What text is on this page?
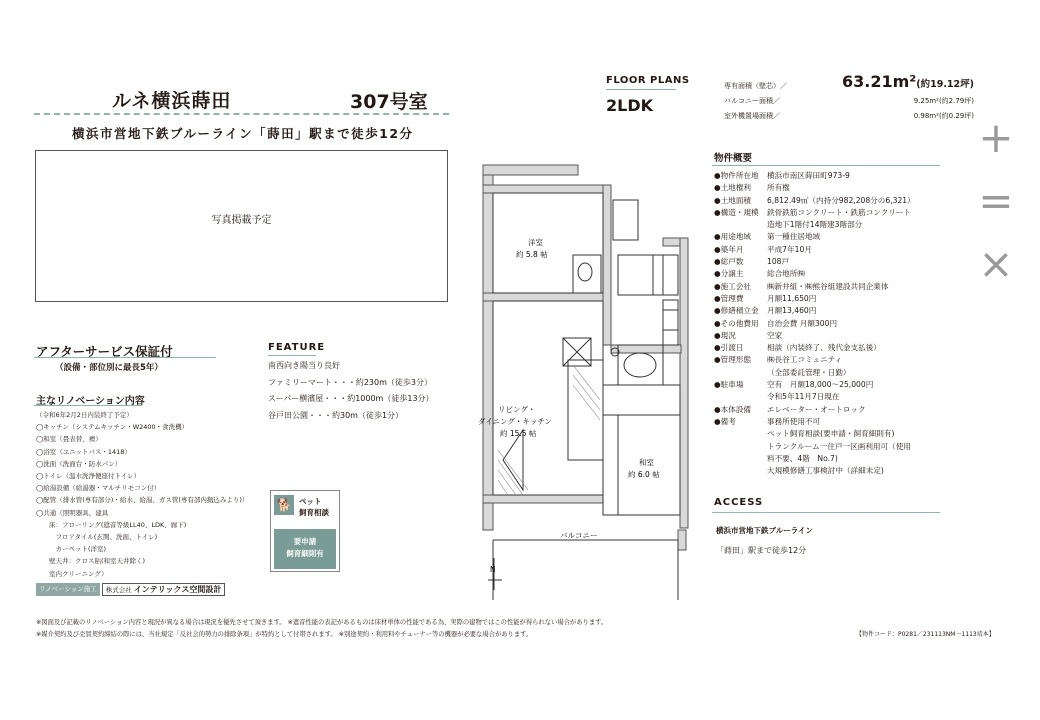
ルネ横浜蒔田	307号室
横浜市営地下鉄ブルーライン「蒔田」駅まで徒歩12分
写真掲載予定
アフターサービス保証付
（設備・部位別に最長5年）
主なリノベーション内容
（令和6年2月2日内装終了予定）
◯キッチン（システムキッチン・W2400・食洗機）
◯和室（畳表替、襖）
◯浴室（ユニットバス・1418）
◯洗面（洗面台・防水パン）
◯トイレ（温水洗浄便座付トイレ）
◯給湯設備（給湯器・マルチリモコン付）
◯配管（排水管(専有部分)・給水、給湯、ガス管(専有部内拠込みより)）
◯共通（照明器具、建具
　　床：フローリング(遮音等級LL40、LDK、廊下)
　　　フロアタイル(玄関、洗面、トイレ)
　　　カーペット(洋室)
　　壁天井：クロス貼(和室天井除く)
　　室内クリーニング）
リノベーション施工	株式会社 インテリックス空間設計
FEATURE
南西向き陽当り良好
ファミリーマート・・・約230m（徒歩3分）
スーパー横濱屋・・・約1000m（徒歩13分）
谷戸田公園・・・約30m（徒歩1分）
🐕	ペット
飼育相談
要申請
飼育細則有
FLOOR PLANS
2LDK
洋室
約 5.8 帖
リビング・
ダイニング・キッチン
約 15.5 帖
和室
約 6.0 帖
バルコニー
N
専有面積（壁芯）／	63.21m²(約19.12坪)
バルコニー面積／	9.25m²(約2.79坪)
室外機置場面積／	0.98m²(約0.29坪) +
=
×
物件概要
●物件所在地	横浜市南区蒔田町973-9
●土地権利	所有権
●土地面積	6,812.49㎡（内持分982,208分の6,321）
●構造・規模	鉄骨鉄筋コンクリート・鉄筋コンクリート
造地下1階付14階建3階部分
●用途地域	第一種住居地域
●築年月	平成7年10月
●総戸数	108戸
●分譲主	総合地所㈱
●施工会社	㈱新井組・㈱熊谷組建設共同企業体
●管理費	月額11,650円
●修繕積立金	月額13,460円
●その他費用	自治会費 月額300円
●現況	空家
●引渡日	相談（内装終了、残代金支払後）
●管理形態	㈱長谷工コミュニティ
（全部委託管理・日勤）
●駐車場	空有　月額18,000～25,000円
令和5年11月7日現在
●本体設備	エレベーター・オートロック
●備考	事務所使用不可
ペット飼育相談(要申請・飼育細則有)
トランクルーム一住戸一区画利用可（使用
料不要、4階　No.7)
大規模修繕工事検討中（詳細未定)
ACCESS
横浜市営地下鉄ブルーライン
「蒔田」駅まで徒歩12分
※図面及び記載のリノベーション内容と現況が異なる場合は現況を優先させて頂きます。 ※遮音性能の表記があるものは床材単体の性能である為、実際の建物ではこの性能が得られない場合があります。
※媒介契約及び売買契約締結の際には、当社規定「反社会的勢力の排除条項」が特約として付帯されます。 ※別途契約・利用料やチューナー等の機器が必要な場合があります。	【物件コード：P0281／231113NM一1113靖本】
